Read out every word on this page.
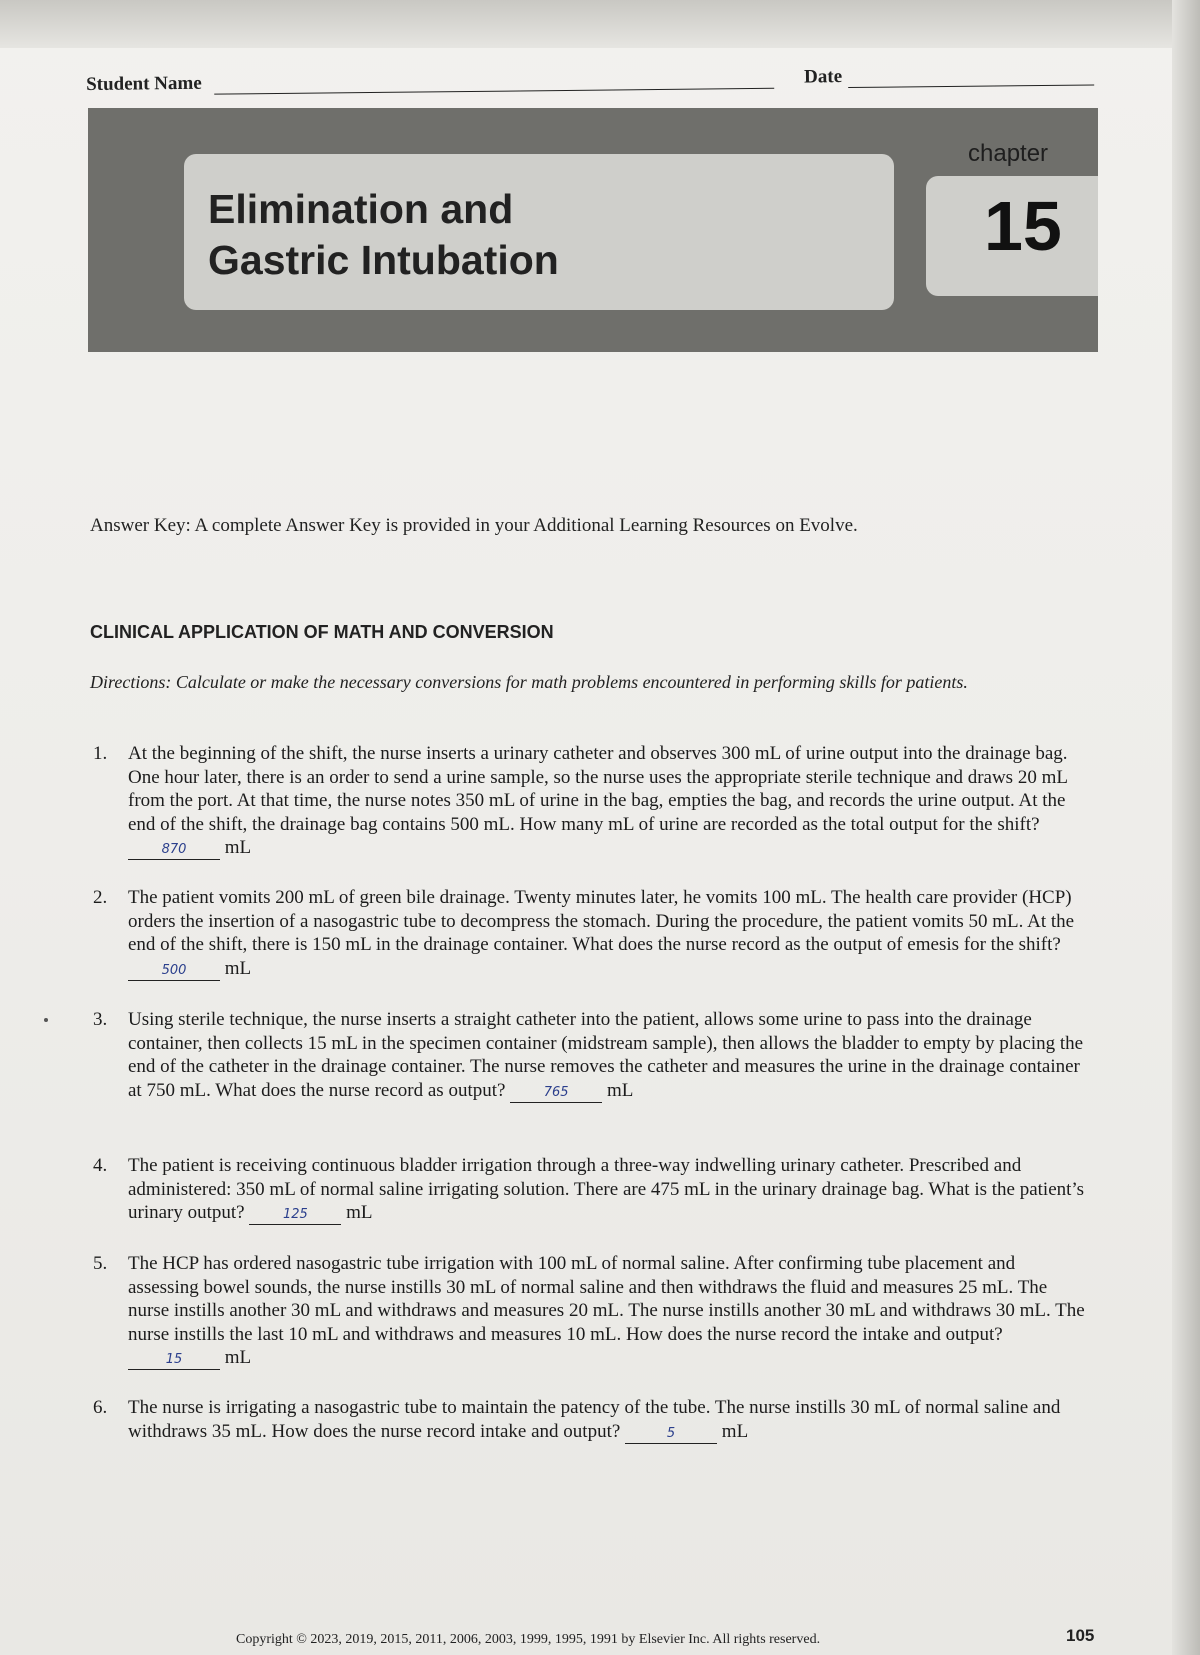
Student Name	Date
Elimination and
Gastric Intubation
chapter
15
Answer Key: A complete Answer Key is provided in your Additional Learning Resources on Evolve.
CLINICAL APPLICATION OF MATH AND CONVERSION
Directions: Calculate or make the necessary conversions for math problems encountered in performing skills for patients.
1. At the beginning of the shift, the nurse inserts a urinary catheter and observes 300 mL of urine output into the drainage bag. One hour later, there is an order to send a urine sample, so the nurse uses the appropriate sterile technique and draws 20 mL from the port. At that time, the nurse notes 350 mL of urine in the bag, empties the bag, and records the urine output. At the end of the shift, the drainage bag contains 500 mL. How many mL of urine are recorded as the total output for the shift? 870 mL
2. The patient vomits 200 mL of green bile drainage. Twenty minutes later, he vomits 100 mL. The health care provider (HCP) orders the insertion of a nasogastric tube to decompress the stomach. During the procedure, the patient vomits 50 mL. At the end of the shift, there is 150 mL in the drainage container. What does the nurse record as the output of emesis for the shift? 500 mL
3. Using sterile technique, the nurse inserts a straight catheter into the patient, allows some urine to pass into the drainage container, then collects 15 mL in the specimen container (midstream sample), then allows the bladder to empty by placing the end of the catheter in the drainage container. The nurse removes the catheter and measures the urine in the drainage container at 750 mL. What does the nurse record as output?	765 mL
4. The patient is receiving continuous bladder irrigation through a three-way indwelling urinary catheter. Prescribed and administered: 350 mL of normal saline irrigating solution. There are 475 mL in the urinary drainage bag. What is the patient’s urinary output?	125 mL
5. The HCP has ordered nasogastric tube irrigation with 100 mL of normal saline. After confirming tube placement and assessing bowel sounds, the nurse instills 30 mL of normal saline and then withdraws the fluid and measures 25 mL. The nurse instills another 30 mL and withdraws and measures 20 mL. The nurse instills another 30 mL and withdraws 30 mL. The nurse instills the last 10 mL and withdraws and measures 10 mL. How does the nurse record the intake and output? 15 mL
6. The nurse is irrigating a nasogastric tube to maintain the patency of the tube. The nurse instills 30 mL of normal saline and withdraws 35 mL. How does the nurse record intake and output?	5 mL
Copyright © 2023, 2019, 2015, 2011, 2006, 2003, 1999, 1995, 1991 by Elsevier Inc. All rights reserved.	105
